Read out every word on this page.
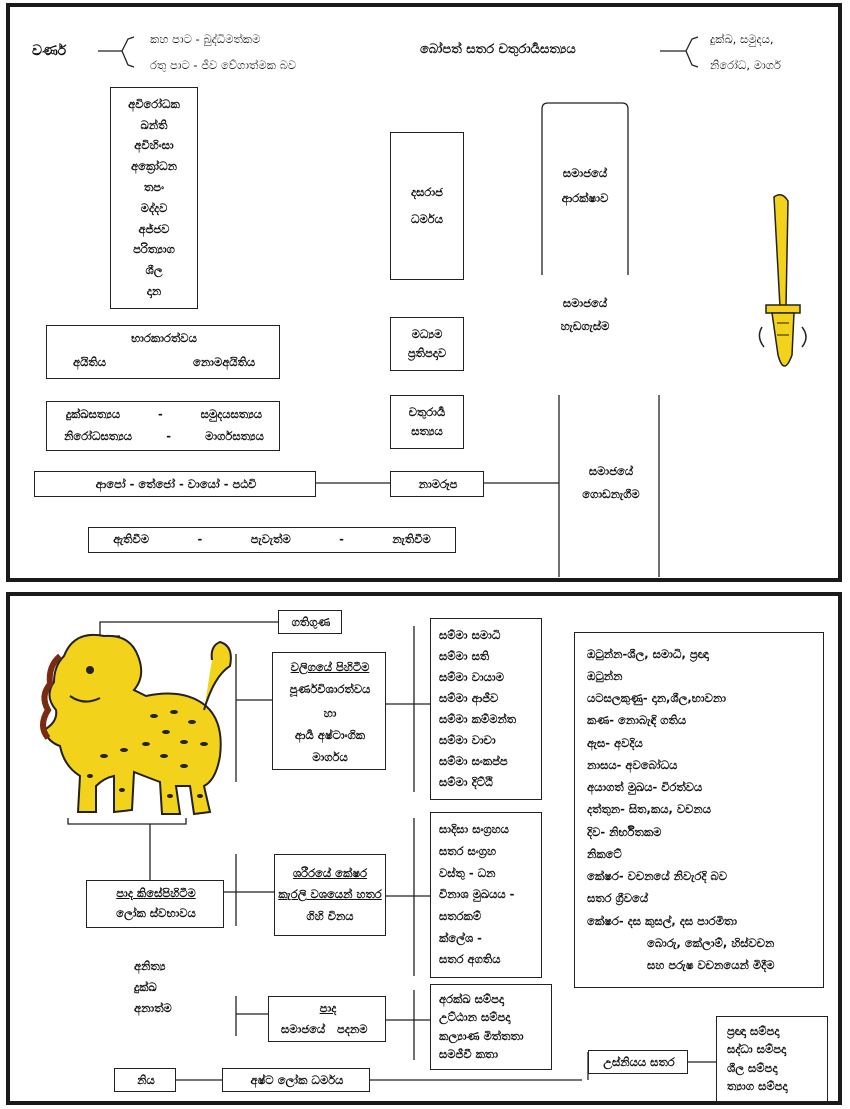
වර්ණ
කහ පාට - බුද්ධිමත්කම
රතු පාට - ජීව වේගාත්මක බව
බෝපත් සතර චතුරාර්‍යසත්‍යය
දුක්ඛ, සමුදය,
නිරෝධ, මාර්ග
අවිරෝධක
ඛන්ති
අවිහිංසා
අක්‍රෝධන
තපං
මද්දව
අජ්ජව
පරිත්‍යාග
ශීල
දාන
දසරාජ
ධර්මය
සමාජයේ
ආරක්ෂාව
සමාජයේ
හැඩගැස්ම
භාරකාරත්වය
අයිතිය	නොමඅයිතිය
මධ්‍යම
ප්‍රතිපදාව
දුක්ඛසත්‍යය	-	සමුදයසත්‍යය
නිරෝධසත්‍යය	-	මාර්ගසත්‍යය
චතුරාර්‍ය
සත්‍යය
සමාජයේ
ගොඩනැගීම
ආපෝ - තේජෝ - වායෝ - පඨවි	නාමරූප
ඇතිවීම	-	පැවැත්ම	-	නැතිවීම
ගතිගුණ
වලිගයේ පිහිටීම
පූර්ණවිශාරත්වය
හා
ආර්‍ය අෂ්ටාංගික
මාර්ගය
සම්මා සමාධි
සම්මා සති
සම්මා වායාම
සම්මා ආජීව
සම්මා කම්මන්ත
සම්මා වාචා
සම්මා සංකප්ප
සම්මා දිට්ඨි
ඔටුන්න-ශීල, සමාධි, ප්‍රඥා
ඔටුන්න
යටසලකුණු- දාන,ශීල,භාවනා
කණ- නොබැඳි ගතිය
ඇස- අවදිය
නාසය- අවබෝධය
අයාගත් මුඛය- විරත්වය
දත්තුන- සිත,කය, වචනය
දිව- නිර්භීතකම
නිකටේ
කේෂර- වචනයේ නිවැරදි බව
සතර ග්‍රීවයේ
කේෂර- දස කුසල්, දස පාරමිතා
බොරු, කේලාම්, හිස්වචන
සහ පරුෂ වචනයෙන් මිදීම
ශරීරයේ කේෂර
කැරලි වශයෙන් හතර
ගිහි විනය
සාදිසා සංග්‍රහය
සතර සංග්‍රහ
වස්තු - ධන
විනාශ මුඛයය -
සතරකම්
ක්ලේශ -
සතර අගතිය
පාද කිසේපිහිටීම
ලෝක ස්වභාවය
අනිත්‍ය
දුක්ඛ
අනාත්ම	පාද
සමාජයේ පදනම
අරක්ඛ සම්පදා
උට්ඨාන සම්පදා
කල්‍යාණ මිත්තතා
සමජීවී කතා
නිය	අෂ්ට ලෝක ධර්මය
උස්නියය සතර
ප්‍රඥා සම්පදා
සද්ධා සම්පදා
ශීල සම්පදා
ත්‍යාග සම්පදා
